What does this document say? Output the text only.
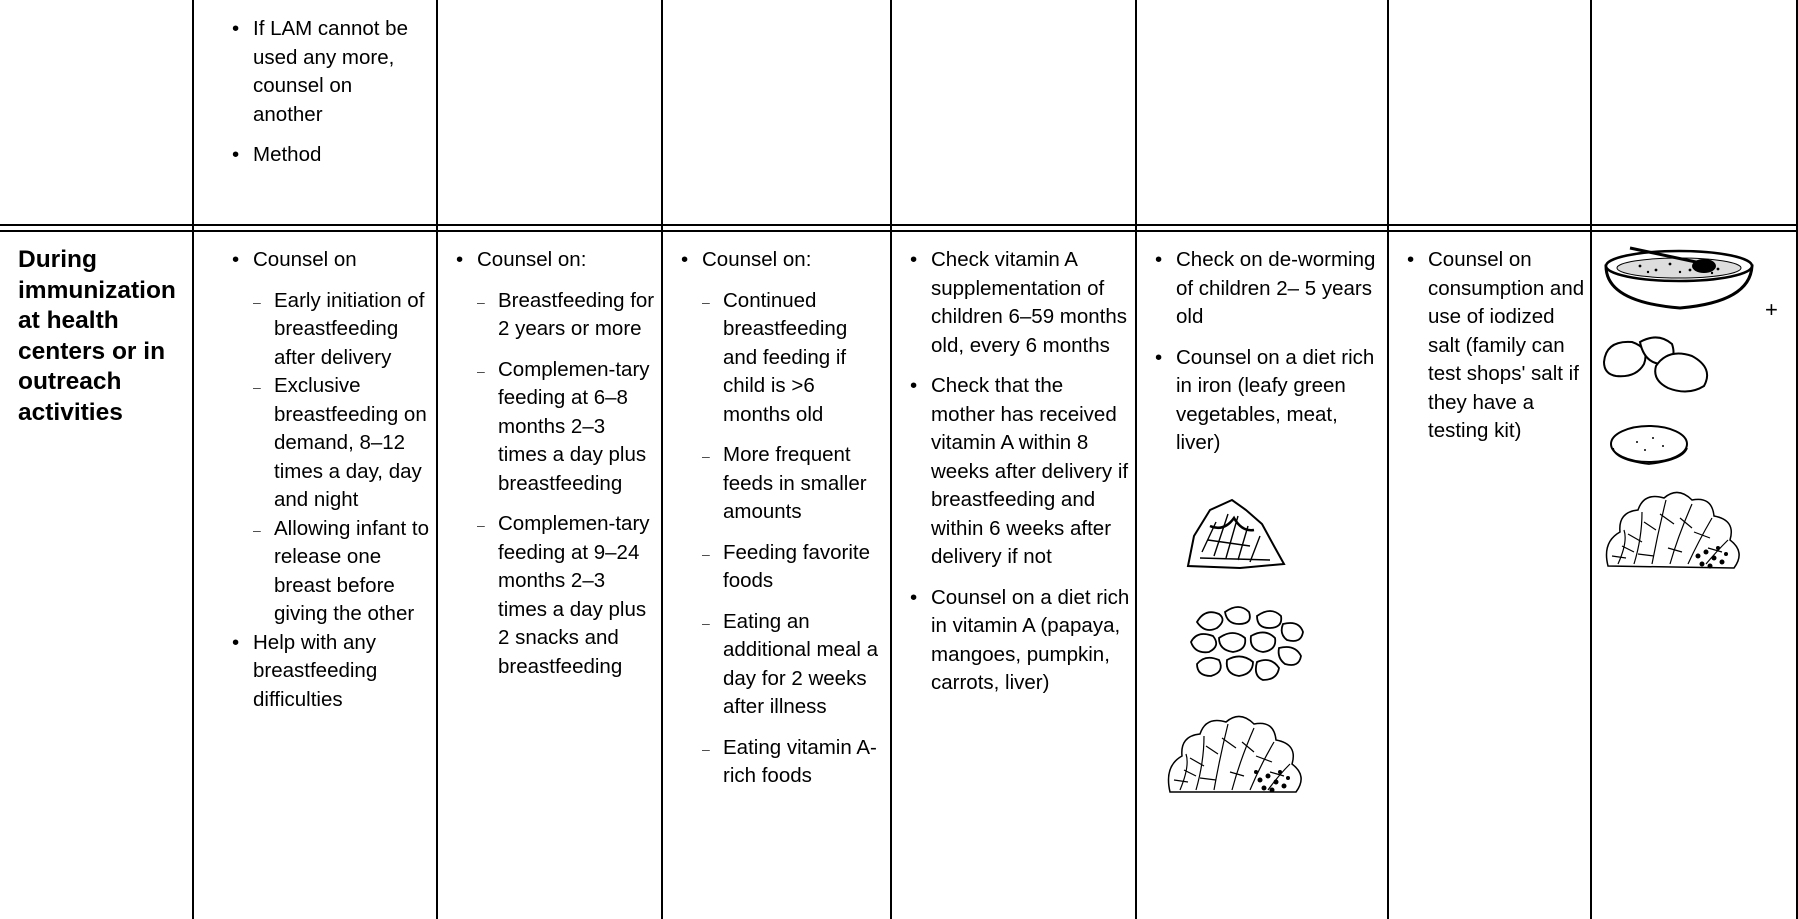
• If LAM cannot be used any more, counsel on another
• Method
During immunization at health centers or in outreach activities
• Counsel on
– Early initiation of breastfeeding after delivery
– Exclusive breastfeeding on demand, 8–12 times a day, day and night
– Allowing infant to release one breast before giving the other
• Help with any breastfeeding difficulties
• Counsel on:
– Breastfeeding for 2 years or more
– Complemen-tary feeding at 6–8 months 2–3 times a day plus breastfeeding
– Complemen-tary feeding at 9–24 months 2–3 times a day plus 2 snacks and breastfeeding
• Counsel on:
– Continued breastfeeding and feeding if child is >6 months old
– More frequent feeds in smaller amounts
– Feeding favorite foods
– Eating an additional meal a day for 2 weeks after illness
– Eating vitamin A-rich foods
• Check vitamin A supplementation of children 6–59 months old, every 6 months
• Check that the mother has received vitamin A within 8 weeks after delivery if breastfeeding and within 6 weeks after delivery if not
• Counsel on a diet rich in vitamin A (papaya, mangoes, pumpkin, carrots, liver)
• Check on de-worming of children 2– 5 years old
• Counsel on a diet rich in iron (leafy green vegetables, meat, liver)
• Counsel on consumption and use of iodized salt (family can test shops' salt if they have a testing kit)
+
